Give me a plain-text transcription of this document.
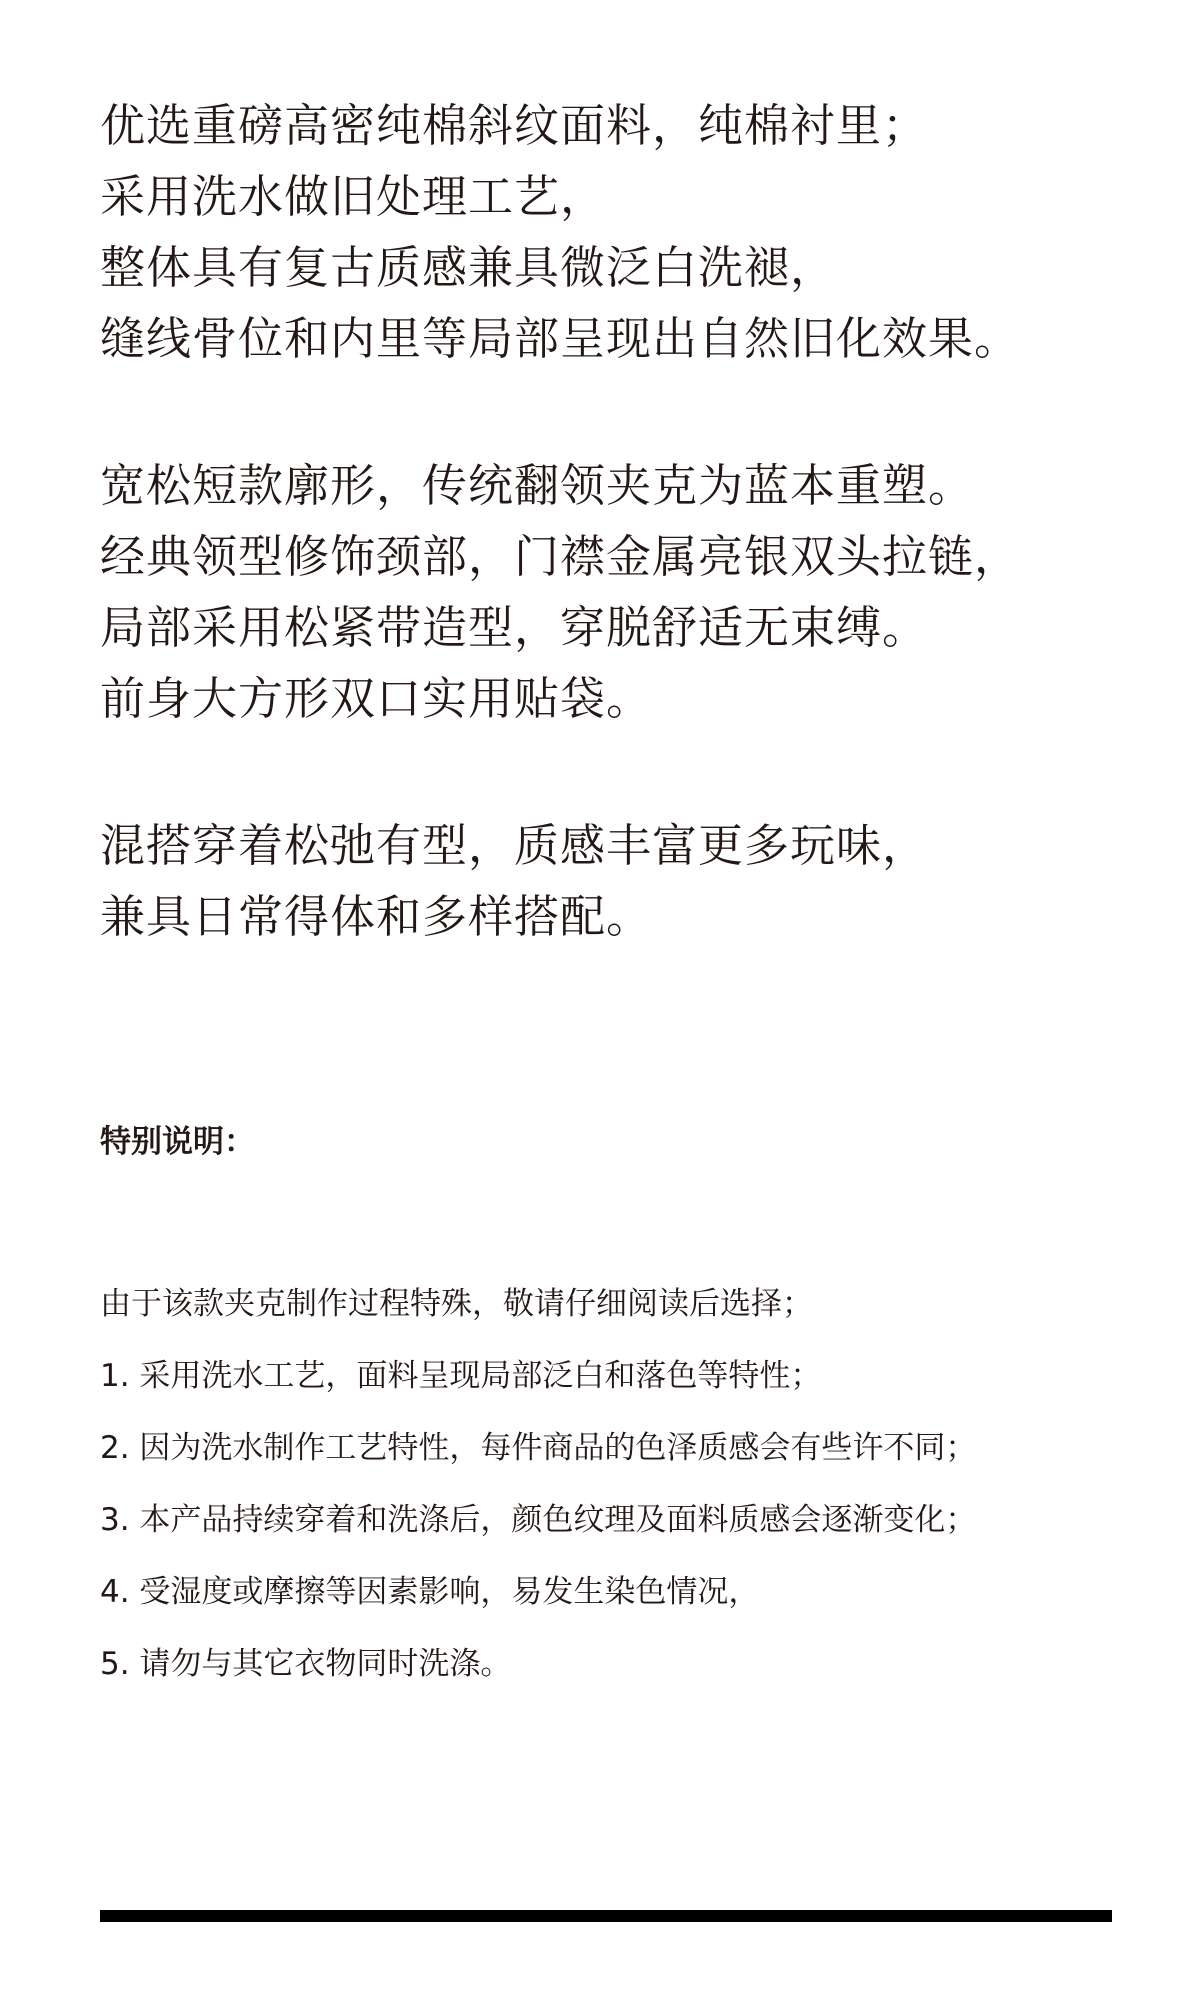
优选重磅高密纯棉斜纹面料，纯棉衬里；
采用洗水做旧处理工艺，
整体具有复古质感兼具微泛白洗褪，
缝线骨位和内里等局部呈现出自然旧化效果。
宽松短款廓形，传统翻领夹克为蓝本重塑。
经典领型修饰颈部，门襟金属亮银双头拉链，
局部采用松紧带造型，穿脱舒适无束缚。
前身大方形双口实用贴袋。
混搭穿着松弛有型，质感丰富更多玩味，
兼具日常得体和多样搭配。
特别说明：
由于该款夹克制作过程特殊，敬请仔细阅读后选择；
1. 采用洗水工艺，面料呈现局部泛白和落色等特性；
2. 因为洗水制作工艺特性，每件商品的色泽质感会有些许不同；
3. 本产品持续穿着和洗涤后，颜色纹理及面料质感会逐渐变化；
4. 受湿度或摩擦等因素影响，易发生染色情况，
5. 请勿与其它衣物同时洗涤。
